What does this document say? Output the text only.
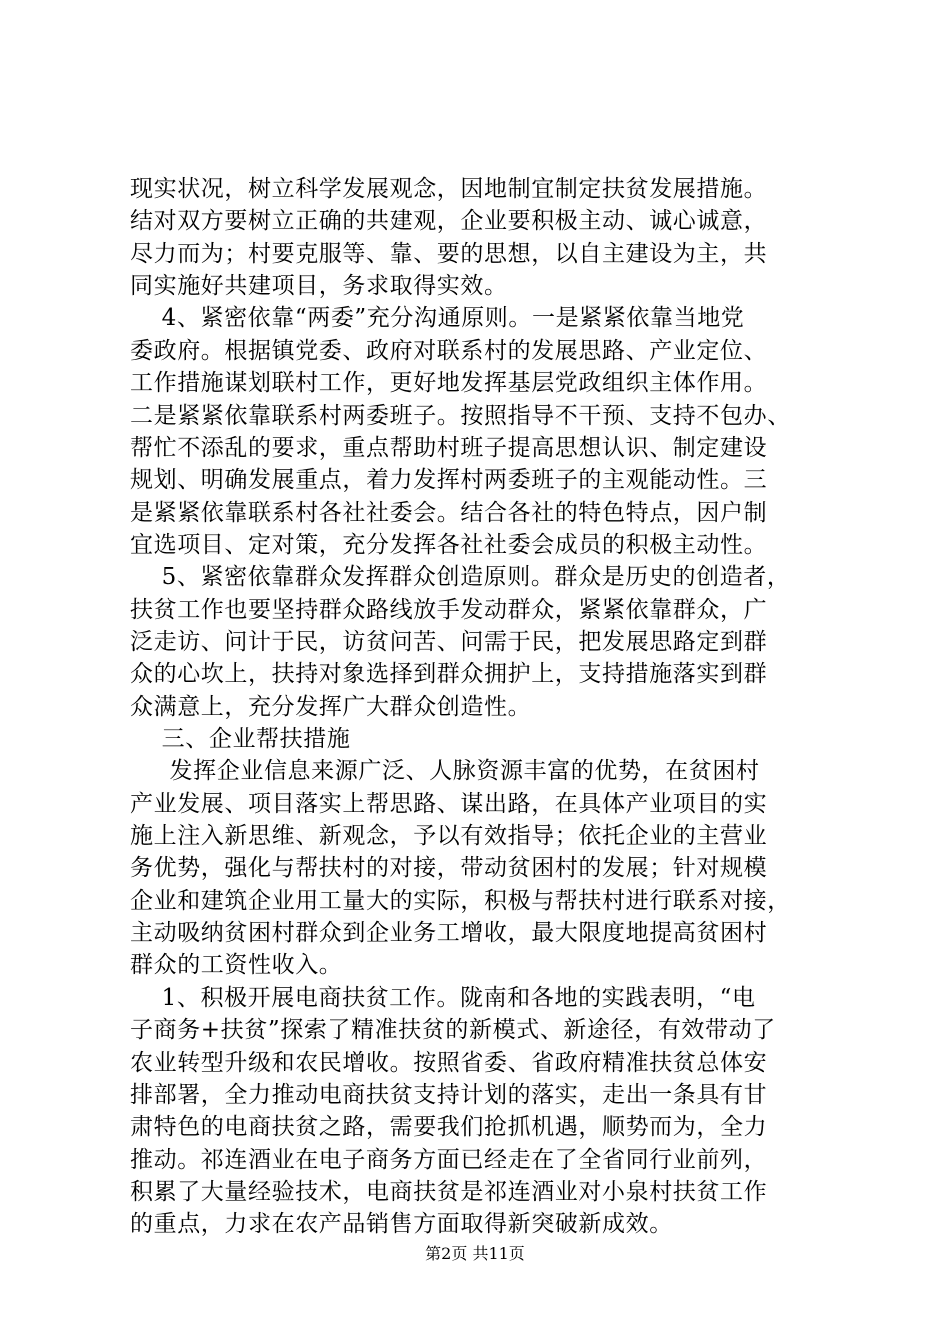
现实状况，树立科学发展观念，因地制宜制定扶贫发展措施。
结对双方要树立正确的共建观，企业要积极主动、诚心诚意，
尽力而为；村要克服等、靠、要的思想，以自主建设为主，共
同实施好共建项目，务求取得实效。
4、紧密依靠“两委”充分沟通原则。一是紧紧依靠当地党
委政府。根据镇党委、政府对联系村的发展思路、产业定位、
工作措施谋划联村工作，更好地发挥基层党政组织主体作用。
二是紧紧依靠联系村两委班子。按照指导不干预、支持不包办、
帮忙不添乱的要求，重点帮助村班子提高思想认识、制定建设
规划、明确发展重点，着力发挥村两委班子的主观能动性。三
是紧紧依靠联系村各社社委会。结合各社的特色特点，因户制
宜选项目、定对策，充分发挥各社社委会成员的积极主动性。
5、紧密依靠群众发挥群众创造原则。群众是历史的创造者，
扶贫工作也要坚持群众路线放手发动群众，紧紧依靠群众，广
泛走访、问计于民，访贫问苦、问需于民，把发展思路定到群
众的心坎上，扶持对象选择到群众拥护上，支持措施落实到群
众满意上，充分发挥广大群众创造性。
三、企业帮扶措施
发挥企业信息来源广泛、人脉资源丰富的优势，在贫困村
产业发展、项目落实上帮思路、谋出路，在具体产业项目的实
施上注入新思维、新观念，予以有效指导；依托企业的主营业
务优势，强化与帮扶村的对接，带动贫困村的发展；针对规模
企业和建筑企业用工量大的实际，积极与帮扶村进行联系对接，
主动吸纳贫困村群众到企业务工增收，最大限度地提高贫困村
群众的工资性收入。
1、积极开展电商扶贫工作。陇南和各地的实践表明，“电
子商务+扶贫”探索了精准扶贫的新模式、新途径，有效带动了
农业转型升级和农民增收。按照省委、省政府精准扶贫总体安
排部署，全力推动电商扶贫支持计划的落实，走出一条具有甘
肃特色的电商扶贫之路，需要我们抢抓机遇，顺势而为，全力
推动。祁连酒业在电子商务方面已经走在了全省同行业前列，
积累了大量经验技术，电商扶贫是祁连酒业对小泉村扶贫工作
的重点，力求在农产品销售方面取得新突破新成效。
第2页 共11页
